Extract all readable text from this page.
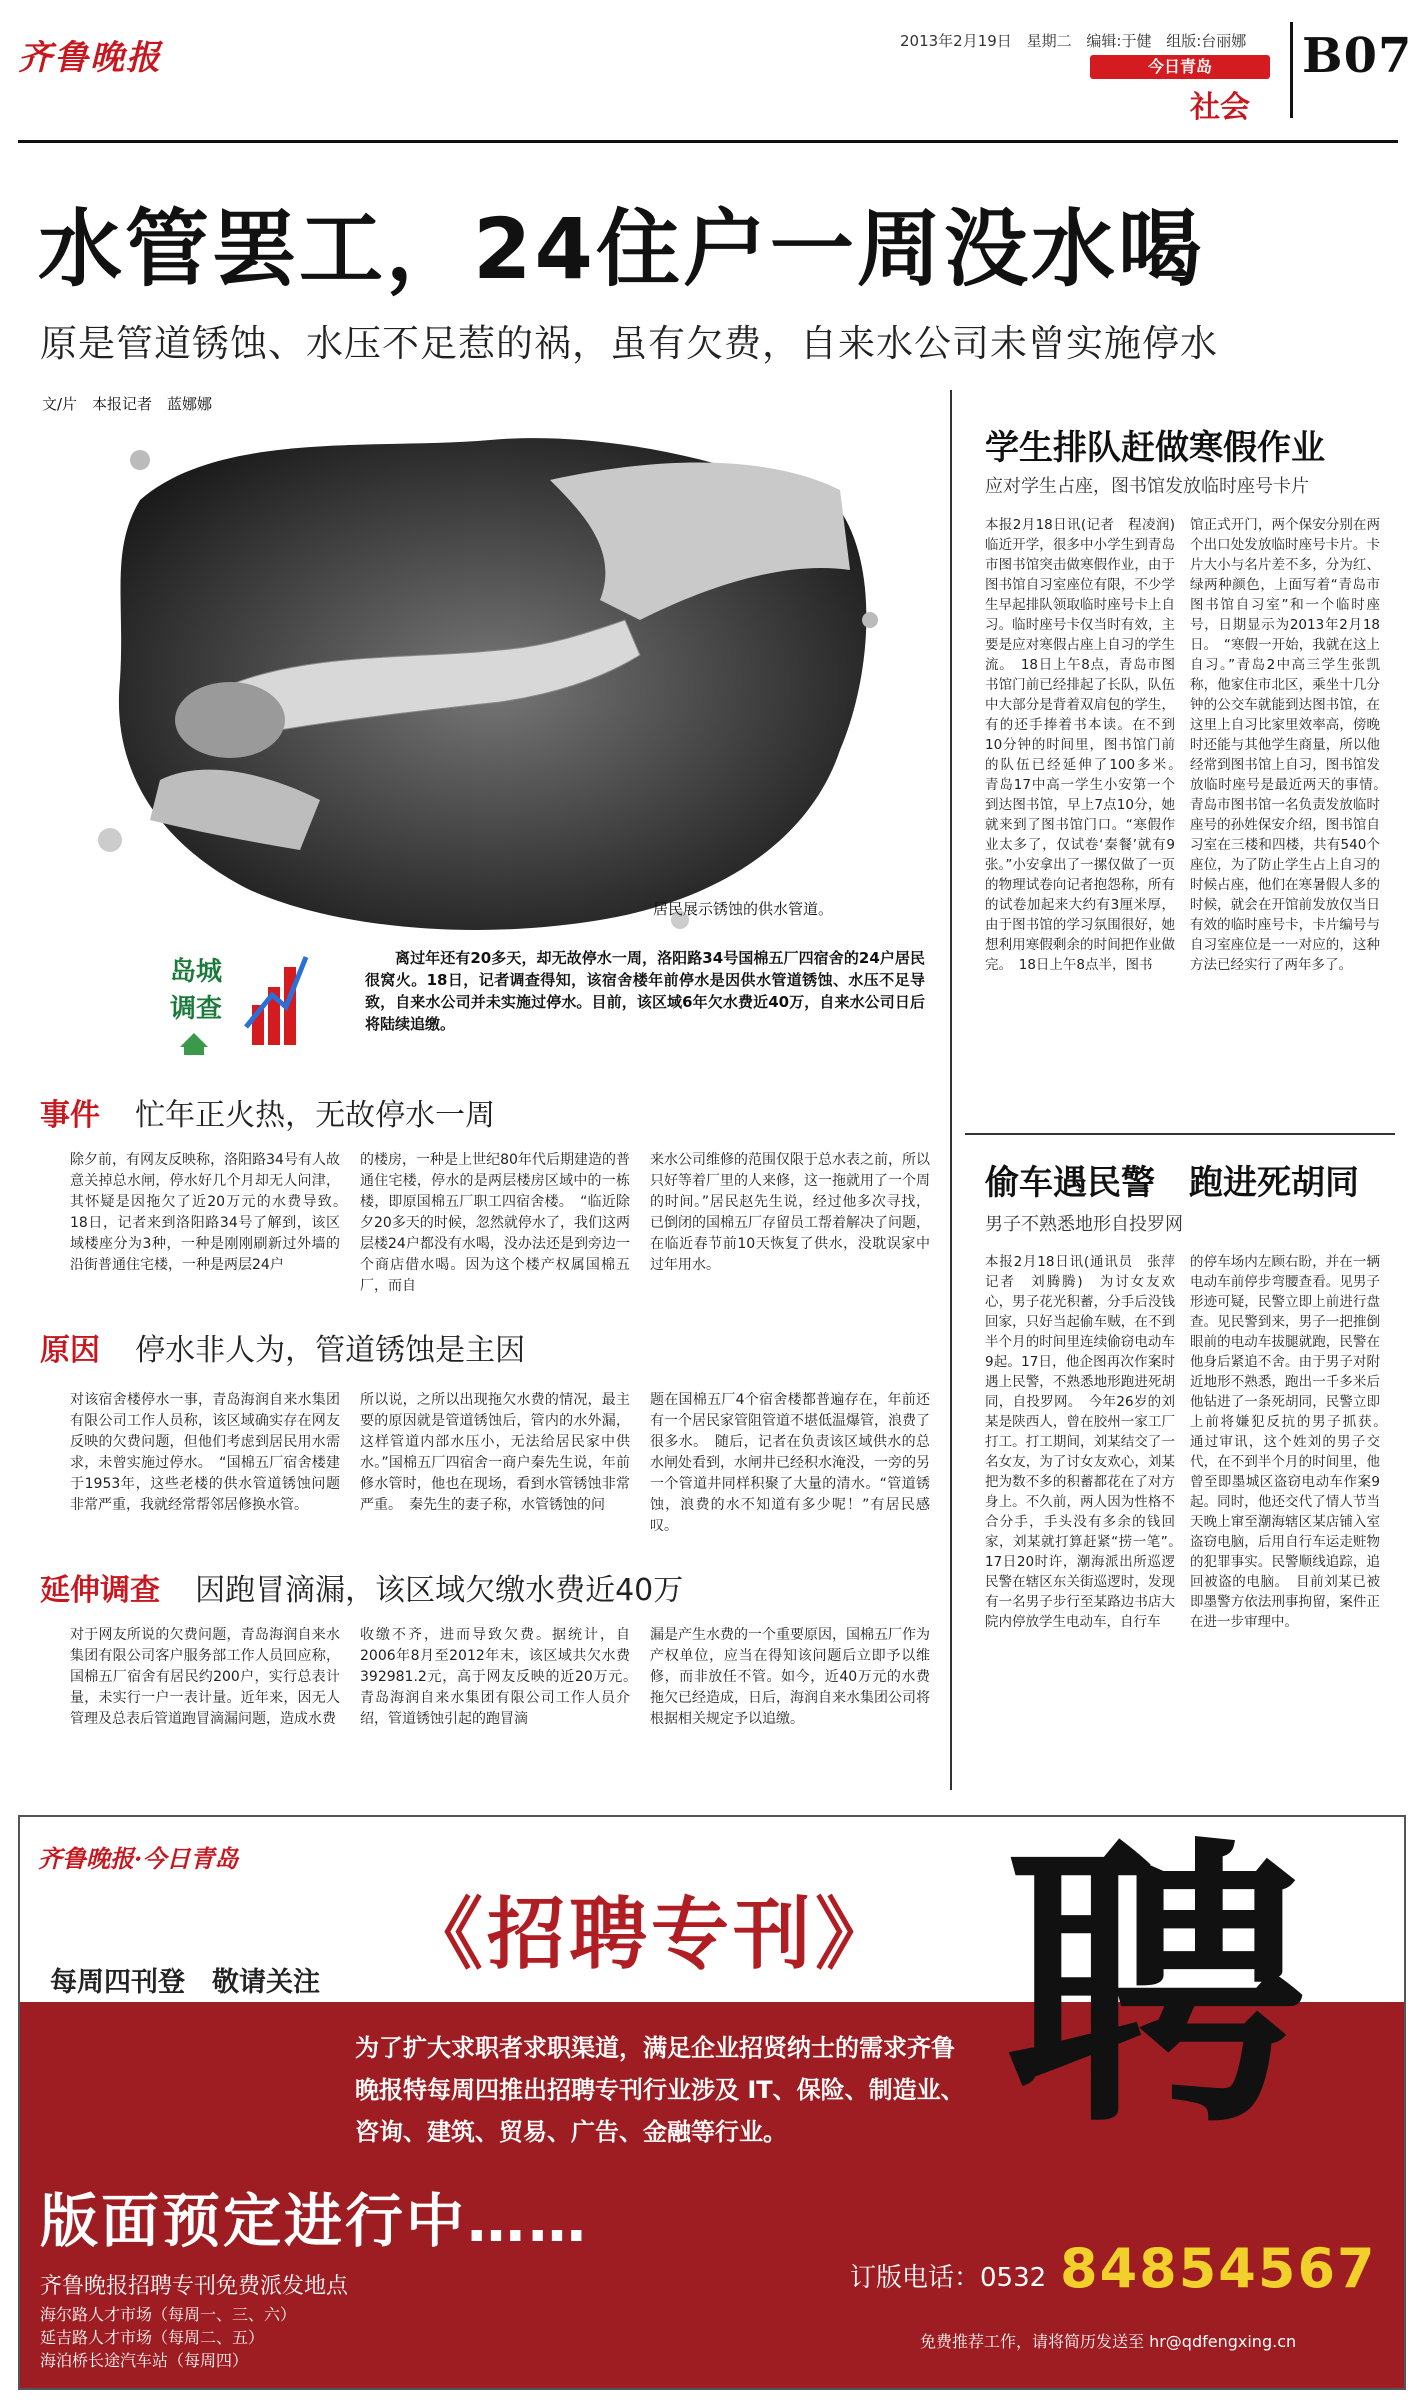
齐鲁晚报	2013年2月19日 星期二 编辑:于健 组版:台丽娜
今日青岛
社会
B07
水管罢工，24住户一周没水喝
原是管道锈蚀、水压不足惹的祸，虽有欠费，自来水公司未曾实施停水
文/片　本报记者　蓝娜娜
居民展示锈蚀的供水管道。
岛城
调查
离过年还有20多天，却无故停水一周，洛阳路34号国棉五厂四宿舍的24户居民很窝火。18日，记者调查得知，该宿舍楼年前停水是因供水管道锈蚀、水压不足导致，自来水公司并未实施过停水。目前，该区域6年欠水费近40万，自来水公司日后将陆续追缴。
事件 忙年正火热，无故停水一周
除夕前，有网友反映称，洛阳路34号有人故意关掉总水闸，停水好几个月却无人问津，其怀疑是因拖欠了近20万元的水费导致。　18日，记者来到洛阳路34号了解到，该区域楼座分为3种，一种是刚刚刷新过外墙的沿街普通住宅楼，一种是两层24户
的楼房，一种是上世纪80年代后期建造的普通住宅楼，停水的是两层楼房区域中的一栋楼，即原国棉五厂职工四宿舍楼。　“临近除夕20多天的时候，忽然就停水了，我们这两层楼24户都没有水喝，没办法还是到旁边一个商店借水喝。因为这个楼产权属国棉五厂，而自
来水公司维修的范围仅限于总水表之前，所以只好等着厂里的人来修，这一拖就用了一个周的时间。”居民赵先生说，经过他多次寻找，已倒闭的国棉五厂存留员工帮着解决了问题，在临近春节前10天恢复了供水，没耽误家中过年用水。
原因 停水非人为，管道锈蚀是主因
对该宿舍楼停水一事，青岛海润自来水集团有限公司工作人员称，该区域确实存在网友反映的欠费问题，但他们考虑到居民用水需求，未曾实施过停水。　“国棉五厂宿舍楼建于1953年，这些老楼的供水管道锈蚀问题非常严重，我就经常帮邻居修换水管。
所以说，之所以出现拖欠水费的情况，最主要的原因就是管道锈蚀后，管内的水外漏，这样管道内部水压小，无法给居民家中供水。”国棉五厂四宿舍一商户秦先生说，年前修水管时，他也在现场，看到水管锈蚀非常严重。　秦先生的妻子称，水管锈蚀的问
题在国棉五厂4个宿舍楼都普遍存在，年前还有一个居民家管阻管道不堪低温爆管，浪费了很多水。　随后，记者在负责该区域供水的总水闸处看到，水闸井已经积水淹没，一旁的另一个管道井同样积聚了大量的清水。“管道锈蚀，浪费的水不知道有多少呢！”有居民感叹。
延伸调查 因跑冒滴漏，该区域欠缴水费近40万
对于网友所说的欠费问题，青岛海润自来水集团有限公司客户服务部工作人员回应称，国棉五厂宿舍有居民约200户，实行总表计量，未实行一户一表计量。近年来，因无人管理及总表后管道跑冒滴漏问题，造成水费
收缴不齐，进而导致欠费。据统计，自2006年8月至2012年末，该区域共欠水费392981.2元，高于网友反映的近20万元。　青岛海润自来水集团有限公司工作人员介绍，管道锈蚀引起的跑冒滴
漏是产生水费的一个重要原因，国棉五厂作为产权单位，应当在得知该问题后立即予以维修，而非放任不管。如今，近40万元的水费拖欠已经造成，日后，海润自来水集团公司将根据相关规定予以追缴。
学生排队赶做寒假作业
应对学生占座，图书馆发放临时座号卡片
本报2月18日讯(记者　程凌润)　临近开学，很多中小学生到青岛市图书馆突击做寒假作业，由于图书馆自习室座位有限，不少学生早起排队领取临时座号卡上自习。临时座号卡仅当时有效，主要是应对寒假占座上自习的学生流。　18日上午8点，青岛市图书馆门前已经排起了长队，队伍中大部分是背着双肩包的学生，有的还手捧着书本读。在不到10分钟的时间里，图书馆门前的队伍已经延伸了100多米。　青岛17中高一学生小安第一个到达图书馆，早上7点10分，她就来到了图书馆门口。“寒假作业太多了，仅试卷‘秦餐’就有9张。”小安拿出了一摞仅做了一页的物理试卷向记者抱怨称，所有的试卷加起来大约有3厘米厚，由于图书馆的学习氛围很好，她想利用寒假剩余的时间把作业做完。　18日上午8点半，图书
馆正式开门，两个保安分别在两个出口处发放临时座号卡片。卡片大小与名片差不多，分为红、绿两种颜色，上面写着“青岛市图书馆自习室”和一个临时座号，日期显示为2013年2月18日。　“寒假一开始，我就在这上自习。”青岛2中高三学生张凯称，他家住市北区，乘坐十几分钟的公交车就能到达图书馆，在这里上自习比家里效率高，傍晚时还能与其他学生商量，所以他经常到图书馆上自习，图书馆发放临时座号是最近两天的事情。　青岛市图书馆一名负责发放临时座号的孙姓保安介绍，图书馆自习室在三楼和四楼，共有540个座位，为了防止学生占上自习的时候占座，他们在寒暑假人多的时候，就会在开馆前发放仅当日有效的临时座号卡，卡片编号与自习室座位是一一对应的，这种方法已经实行了两年多了。
偷车遇民警　跑进死胡同
男子不熟悉地形自投罗网
本报2月18日讯(通讯员　张萍　记者　刘腾腾)　为讨女友欢心，男子花光积蓄，分手后没钱回家，只好当起偷车贼，在不到半个月的时间里连续偷窃电动车9起。17日，他企图再次作案时遇上民警，不熟悉地形跑进死胡同，自投罗网。　今年26岁的刘某是陕西人，曾在胶州一家工厂打工。打工期间，刘某结交了一名女友，为了讨女友欢心，刘某把为数不多的积蓄都花在了对方身上。不久前，两人因为性格不合分手，手头没有多余的钱回家，刘某就打算赶紧“捞一笔”。　17日20时许，潮海派出所巡逻民警在辖区东关街巡逻时，发现有一名男子步行至某路边书店大院内停放学生电动车，自行车
的停车场内左顾右盼，并在一辆电动车前停步弯腰查看。见男子形迹可疑，民警立即上前进行盘查。见民警到来，男子一把推倒眼前的电动车拔腿就跑，民警在他身后紧追不舍。由于男子对附近地形不熟悉，跑出一千多米后他钻进了一条死胡同，民警立即上前将嫌犯反抗的男子抓获。　通过审讯，这个姓刘的男子交代，在不到半个月的时间里，他曾至即墨城区盗窃电动车作案9起。同时，他还交代了情人节当天晚上窜至潮海辖区某店铺入室盗窃电脑，后用自行车运走赃物的犯罪事实。民警顺线追踪，追回被盗的电脑。　目前刘某已被即墨警方依法刑事拘留，案件正在进一步审理中。
齐鲁晚报·今日青岛	聘
《招聘专刊》
每周四刊登　敬请关注
为了扩大求职者求职渠道，满足企业招贤纳士的需求齐鲁晚报特每周四推出招聘专刊行业涉及 IT、保险、制造业、咨询、建筑、贸易、广告、金融等行业。
版面预定进行中……
齐鲁晚报招聘专刊免费派发地点
海尔路人才市场（每周一、三、六）
延吉路人才市场（每周二、五）
海泊桥长途汽车站（每周四）
订版电话：0532 84854567
免费推荐工作，请将简历发送至 hr@qdfengxing.cn
